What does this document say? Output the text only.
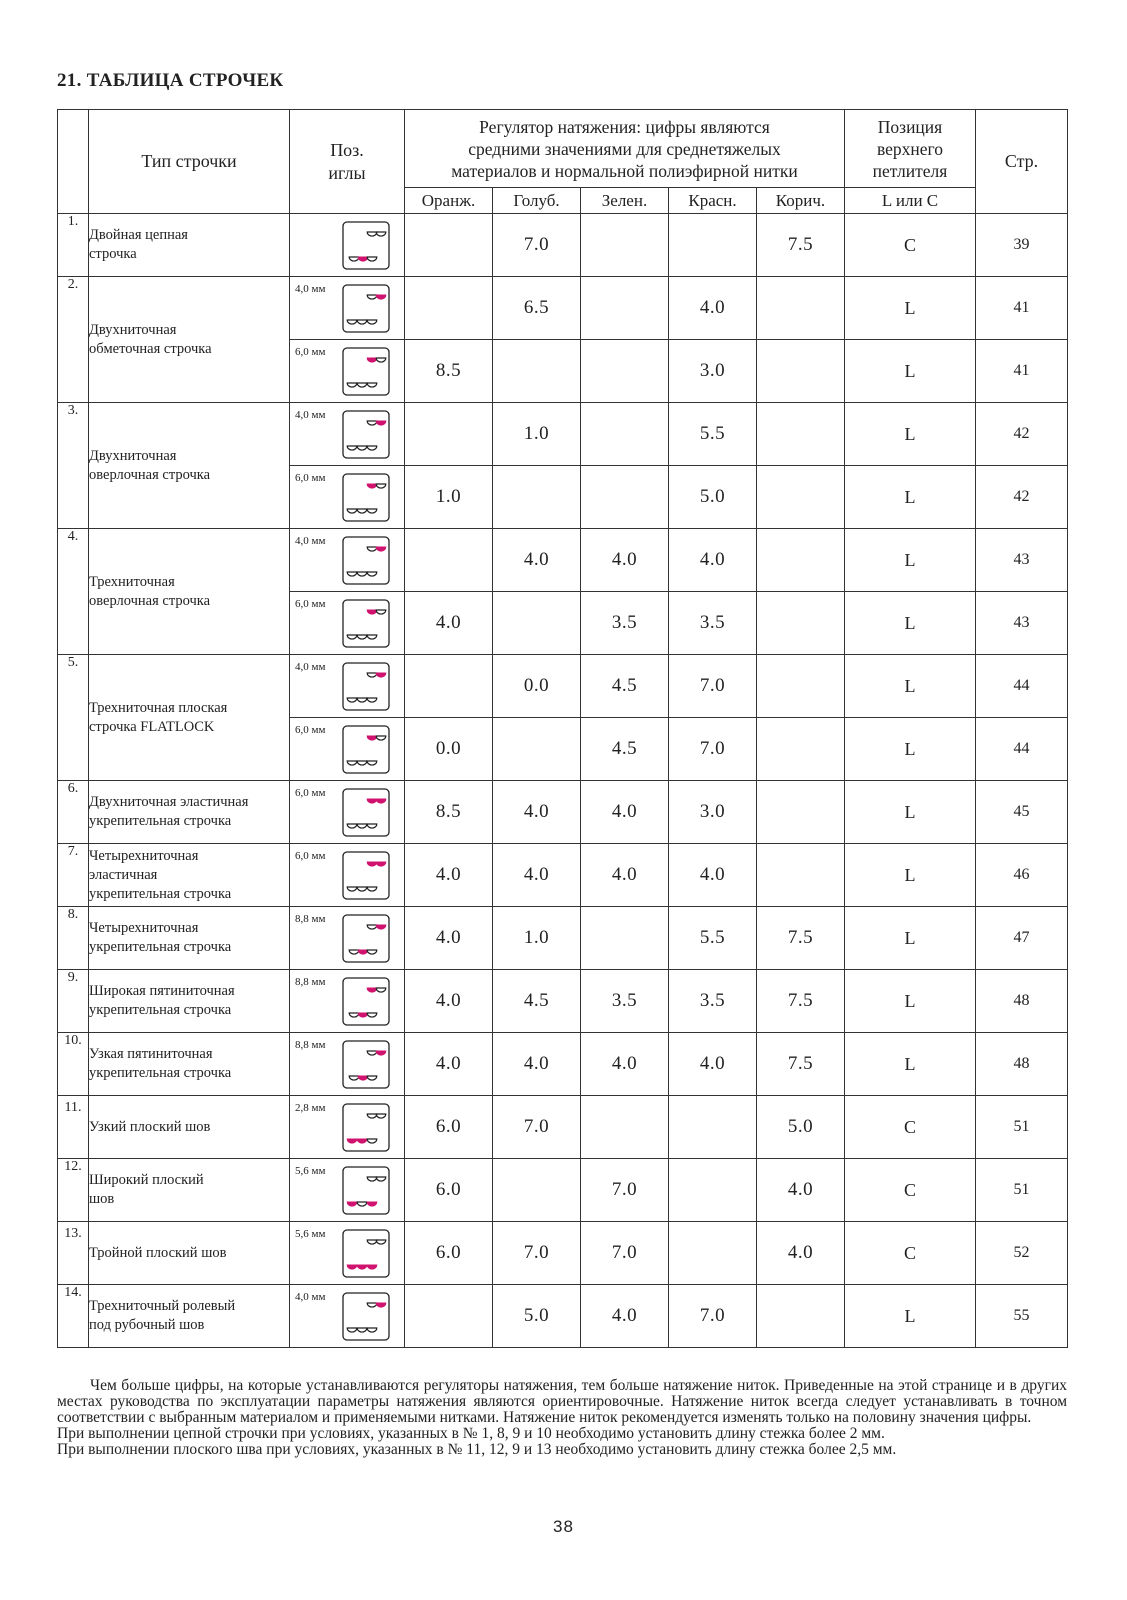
21. ТАБЛИЦА СТРОЧЕК
	Тип строчки	Поз.
иглы	Регулятор натяжения: цифры являются
средними значениями для среднетяжелых
материалов и нормальной полиэфирной нитки					Позиция
верхнего
петлителя	Стр.
			Оранж.	Голуб.	Зелен.	Красн.	Корич.	L или C	
1.	Двойная цепная
строчка			7.0			7.5	C	39
2.	Двухниточная
обметочная строчка	4,0 мм		6.5		4.0		L	41

		6,0 мм	8.5			3.0		L	41
3.	Двухниточная
оверлочная строчка	4,0 мм		1.0		5.5		L	42

		6,0 мм	1.0			5.0		L	42
4.	Трехниточная
оверлочная строчка	4,0 мм		4.0	4.0	4.0		L	43

		6,0 мм	4.0		3.5	3.5		L	43
5.	Трехниточная плоская
строчка FLATLOCK	4,0 мм		0.0	4.5	7.0		L	44

		6,0 мм	0.0		4.5	7.0		L	44
6.	Двухниточная эластичная
укрепительная строчка	6,0 мм	8.5	4.0	4.0	3.0		L	45
7.	Четырехниточная
эластичная
укрепительная строчка	6,0 мм	4.0	4.0	4.0	4.0		L	46
8.	Четырехниточная
укрепительная строчка	8,8 мм	4.0	1.0		5.5	7.5	L	47
9.	Широкая пятиниточная
укрепительная строчка	8,8 мм	4.0	4.5	3.5	3.5	7.5	L	48
10.	Узкая пятиниточная
укрепительная строчка	8,8 мм	4.0	4.0	4.0	4.0	7.5	L	48
11.	Узкий плоский шов	2,8 мм	6.0	7.0			5.0	C	51
12.	Широкий плоский
шов	5,6 мм	6.0		7.0		4.0	C	51
13.	Тройной плоский шов	5,6 мм	6.0	7.0	7.0		4.0	C	52
14.	Трехниточный ролевый
под рубочный шов	4,0 мм		5.0	4.0	7.0		L	55

Чем больше цифры, на которые устанавливаются регуляторы натяжения, тем больше натяжение ниток. Приведенные на этой странице и в других местах руководства по эксплуатации параметры натяжения являются ориентировочные. Натяжение ниток всегда следует устанавливать в точном соответствии с выбранным материалом и применяемыми нитками. Натяжение ниток рекомендуется изменять только на половину значения цифры.

При выполнении цепной строчки при условиях, указанных в № 1, 8, 9 и 10 необходимо установить длину стежка более 2 мм.

При выполнении плоского шва при условиях, указанных в № 11, 12, 9 и 13 необходимо установить длину стежка более 2,5 мм.

38
